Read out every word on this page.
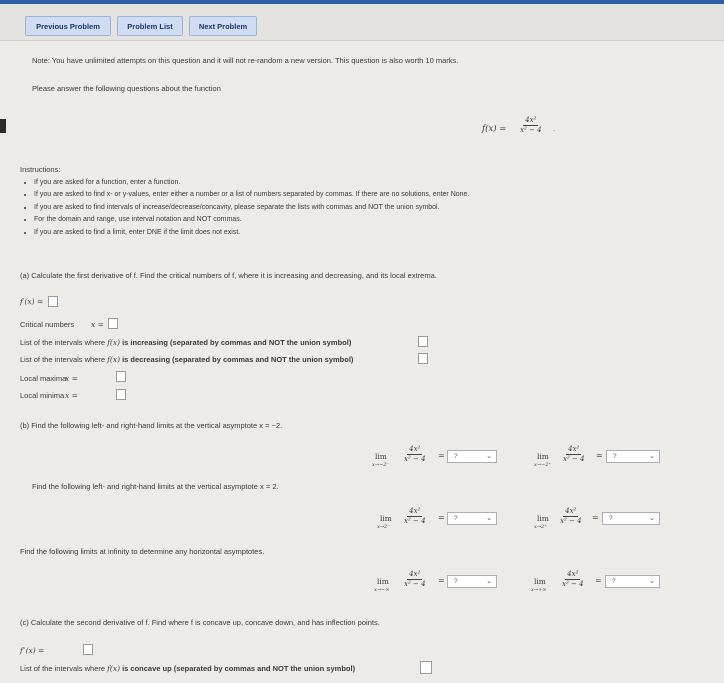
Previous Problem	Problem List	Next Problem
Note: You have unlimited attempts on this question and it will not re-random a new version. This question is also worth 10 marks.
Please answer the following questions about the function
$f(x) = \frac{\text{4x²}}{\text{x² − 4}}$ .
Instructions:
• If you are asked for a function, enter a function.
• If you are asked to find x- or y-values, enter either a number or a list of numbers separated by commas. If there are no solutions, enter None.
• If you are asked to find intervals of increase/decrease/concavity, please separate the lists with commas and NOT the union symbol.
• For the domain and range, use interval notation and NOT commas.
• If you are asked to find a limit, enter DNE if the limit does not exist.
(a) Calculate the first derivative of f. Find the critical numbers of f, where it is increasing and decreasing, and its local extrema.
f′(x) =
Critical numbers x =
List of the intervals where f(x) is increasing (separated by commas and NOT the union symbol)
List of the intervals where f(x) is decreasing (separated by commas and NOT the union symbol)
Local maxima
x =
Local minima x =
(b) Find the following left- and right-hand limits at the vertical asymptote x = −2.
lim
x→−2⁻
$\frac{\text{4x²}}{\text{x² − 4}}$ = ?	⌄	lim
x→−2⁺
$\frac{\text{4x²}}{\text{x² − 4}}$ = ?	⌄
Find the following left- and right-hand limits at the vertical asymptote x = 2.
lim
x→2⁻
$\frac{\text{4x²}}{\text{x² − 4}}$ = ?	⌄	lim
x→2⁺
$\frac{\text{4x²}}{\text{x² − 4}}$ = ?	⌄
Find the following limits at infinity to determine any horizontal asymptotes.
lim
x→−∞
$\frac{\text{4x²}}{\text{x² − 4}}$ = ?	⌄	lim
x→+∞
$\frac{\text{4x²}}{\text{x² − 4}}$ = ?	⌄
(c) Calculate the second derivative of f. Find where f is concave up, concave down, and has inflection points.
f″(x) =
List of the intervals where f(x) is concave up (separated by commas and NOT the union symbol)
